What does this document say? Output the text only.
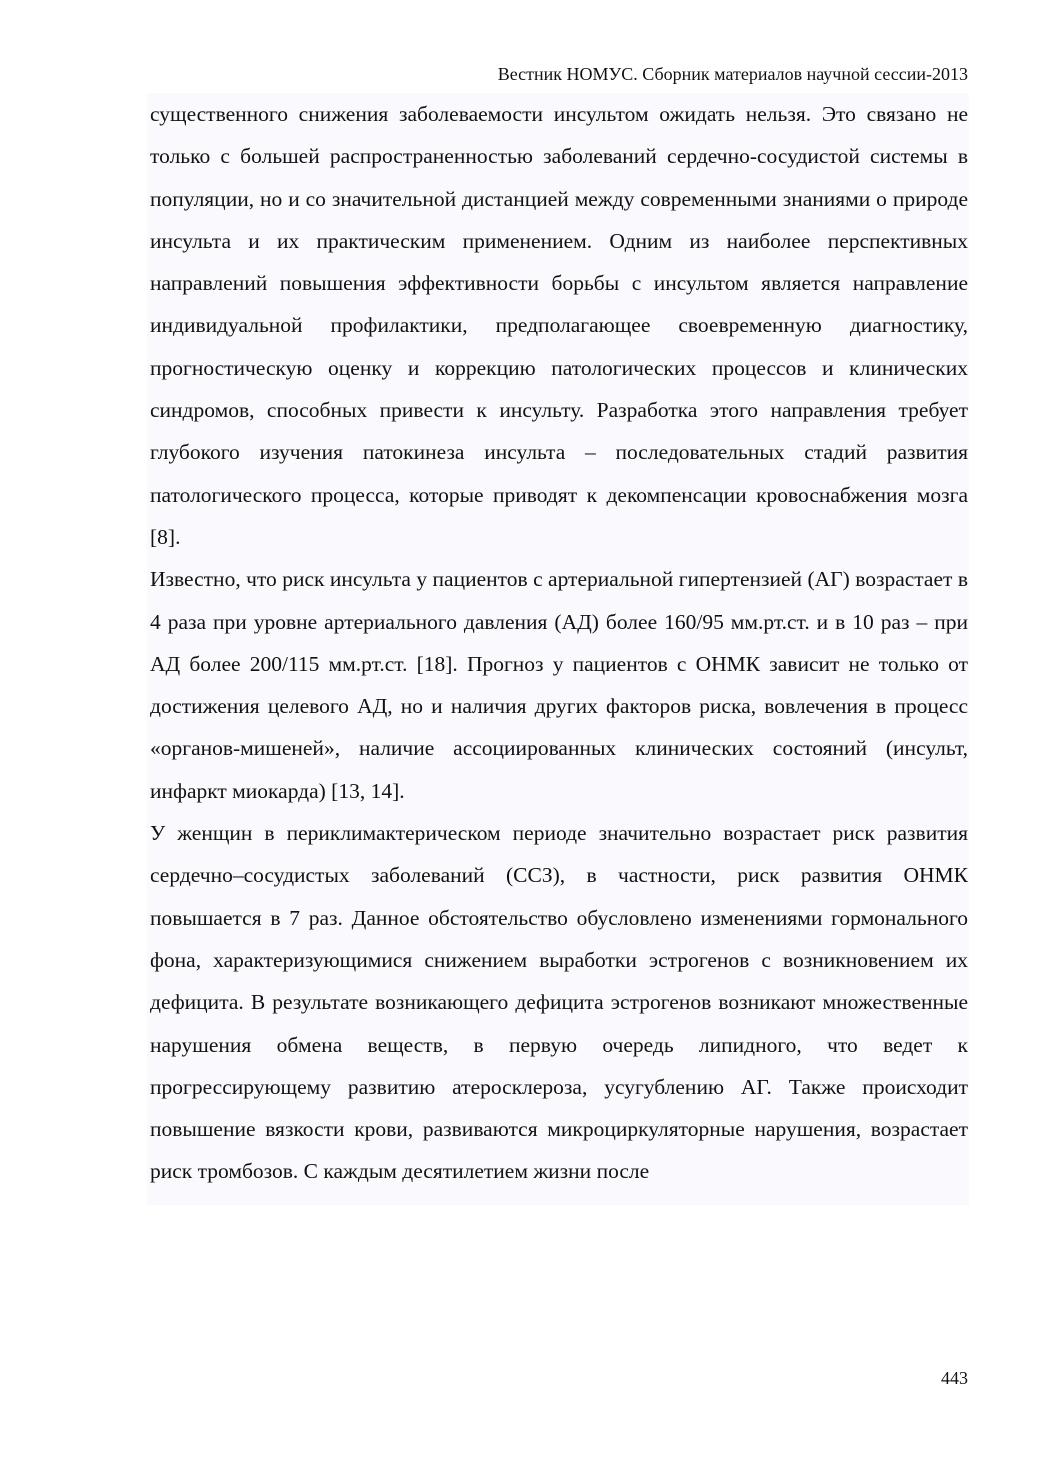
Вестник НОМУС. Сборник материалов научной сессии-2013

существенного снижения заболеваемости инсультом ожидать нельзя. Это связано не только с большей распространенностью заболеваний сердечно-сосудистой системы в популяции, но и со значительной дистанцией между современными знаниями о природе инсульта и их практическим применением. Одним из наиболее перспективных направлений повышения эффективности борьбы с инсультом является направление индивидуальной профилактики, предполагающее своевременную диагностику, прогностическую оценку и коррекцию патологических процессов и клинических синдромов, способных привести к инсульту. Разработка этого направления требует глубокого изучения патокинеза инсульта – последовательных стадий развития патологического процесса, которые приводят к декомпенсации кровоснабжения мозга [8].

Известно, что риск инсульта у пациентов с артериальной гипертензией (АГ) возрастает в 4 раза при уровне артериального давления (АД) более 160/95 мм.рт.ст. и в 10 раз – при АД более 200/115 мм.рт.ст. [18]. Прогноз у пациентов с ОНМК зависит не только от достижения целевого АД, но и наличия других факторов риска, вовлечения в процесс «органов-мишеней», наличие ассоциированных клинических состояний (инсульт, инфаркт миокарда) [13, 14].

У женщин в периклимактерическом периоде значительно возрастает риск развития сердечно–сосудистых заболеваний (ССЗ), в частности, риск развития ОНМК повышается в 7 раз. Данное обстоятельство обусловлено изменениями гормонального фона, характеризующимися снижением выработки эстрогенов с возникновением их дефицита. В результате возникающего дефицита эстрогенов возникают множественные нарушения обмена веществ, в первую очередь липидного, что ведет к прогрессирующему развитию атеросклероза, усугублению АГ. Также происходит повышение вязкости крови, развиваются микроциркуляторные нарушения, возрастает риск тромбозов. С каждым десятилетием жизни после

443
